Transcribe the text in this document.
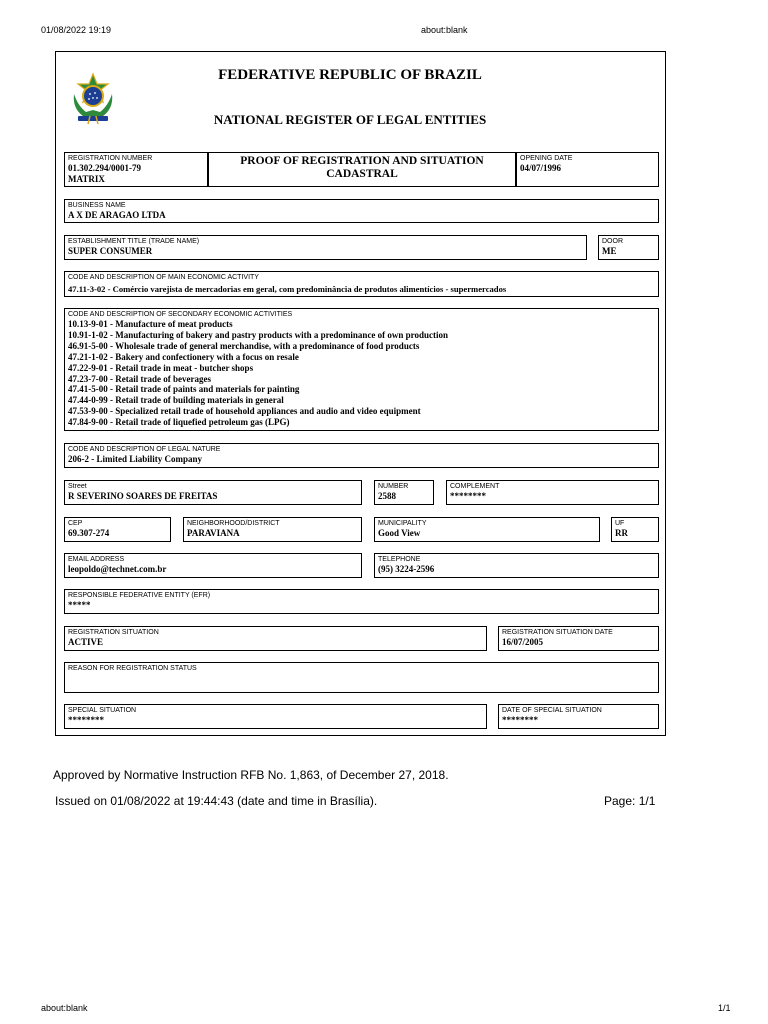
01/08/2022 19:19	about:blank
FEDERATIVE REPUBLIC OF BRAZIL
NATIONAL REGISTER OF LEGAL ENTITIES
REGISTRATION NUMBER
01.302.294/0001-79
MATRIX
PROOF OF REGISTRATION AND SITUATION CADASTRAL
OPENING DATE
04/07/1996
BUSINESS NAME
A X DE ARAGAO LTDA
ESTABLISHMENT TITLE (TRADE NAME)
SUPER CONSUMER
DOOR
ME
CODE AND DESCRIPTION OF MAIN ECONOMIC ACTIVITY
47.11-3-02 - Comércio varejista de mercadorias em geral, com predominância de produtos alimentícios - supermercados
CODE AND DESCRIPTION OF SECONDARY ECONOMIC ACTIVITIES
10.13-9-01 - Manufacture of meat products
10.91-1-02 - Manufacturing of bakery and pastry products with a predominance of own production
46.91-5-00 - Wholesale trade of general merchandise, with a predominance of food products
47.21-1-02 - Bakery and confectionery with a focus on resale
47.22-9-01 - Retail trade in meat - butcher shops
47.23-7-00 - Retail trade of beverages
47.41-5-00 - Retail trade of paints and materials for painting
47.44-0-99 - Retail trade of building materials in general
47.53-9-00 - Specialized retail trade of household appliances and audio and video equipment
47.84-9-00 - Retail trade of liquefied petroleum gas (LPG)
CODE AND DESCRIPTION OF LEGAL NATURE
206-2 - Limited Liability Company
Street
R SEVERINO SOARES DE FREITAS
NUMBER
2588
COMPLEMENT
********
CEP
69.307-274
NEIGHBORHOOD/DISTRICT
PARAVIANA
MUNICIPALITY
Good View
UF
RR
EMAIL ADDRESS
leopoldo@technet.com.br
TELEPHONE
(95) 3224-2596
RESPONSIBLE FEDERATIVE ENTITY (EFR)
*****
REGISTRATION SITUATION
ACTIVE
REGISTRATION SITUATION DATE
16/07/2005
REASON FOR REGISTRATION STATUS
SPECIAL SITUATION
********
DATE OF SPECIAL SITUATION
********
Approved by Normative Instruction RFB No. 1,863, of December 27, 2018.
Issued on 01/08/2022 at 19:44:43 (date and time in Brasília).	Page: 1/1
about:blank	1/1
